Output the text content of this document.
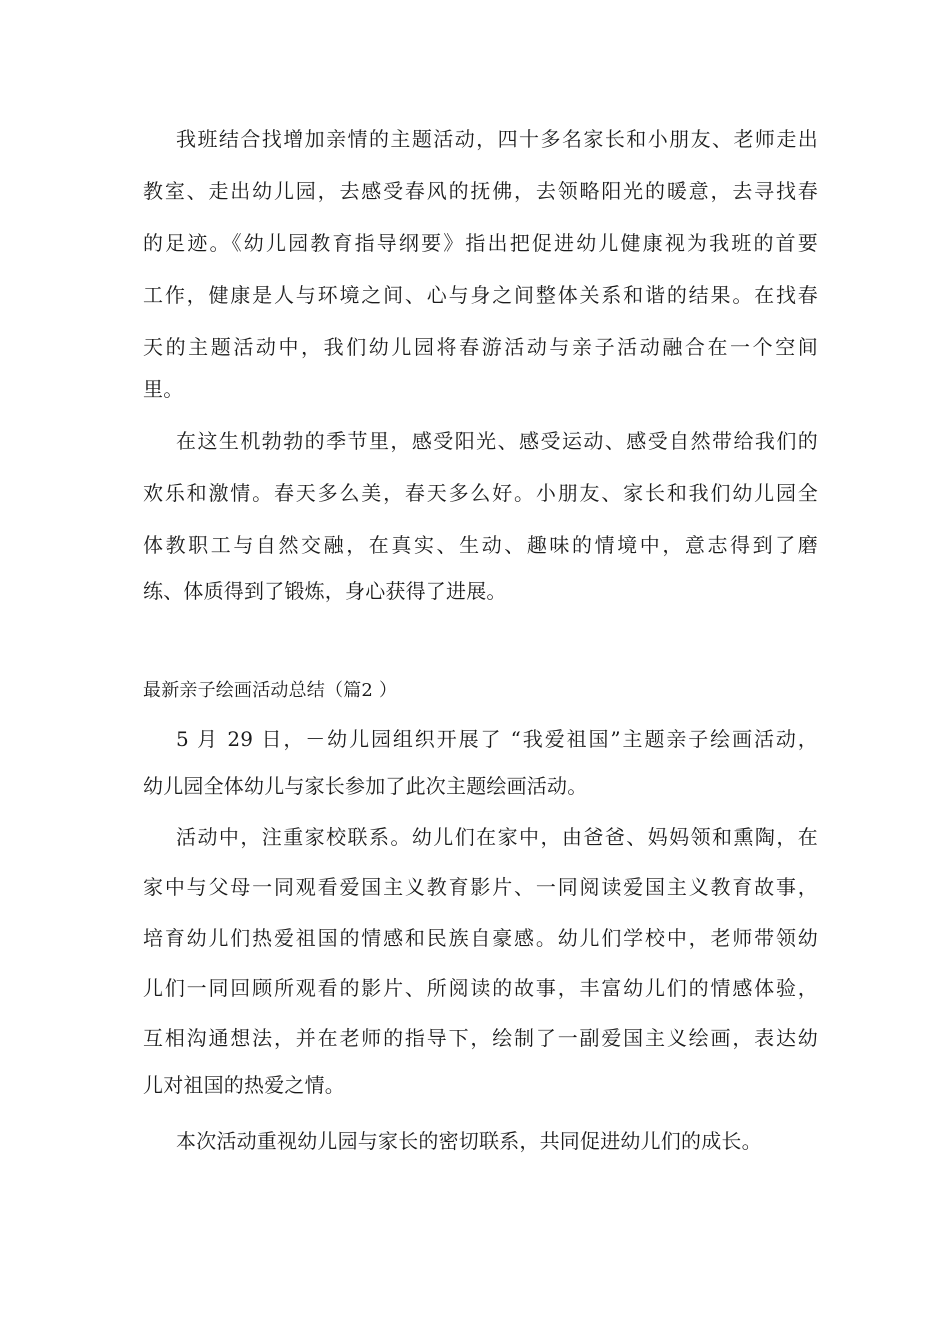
我班结合找增加亲情的主题活动，四十多名家长和小朋友、老师走出
教室、走出幼儿园，去感受春风的抚佛，去领略阳光的暖意，去寻找春
的足迹。《幼儿园教育指导纲要》指出把促进幼儿健康视为我班的首要
工作，健康是人与环境之间、心与身之间整体关系和谐的结果。在找春
天的主题活动中，我们幼儿园将春游活动与亲子活动融合在一个空间
里。
在这生机勃勃的季节里，感受阳光、感受运动、感受自然带给我们的
欢乐和激情。春天多么美，春天多么好。小朋友、家长和我们幼儿园全
体教职工与自然交融，在真实、生动、趣味的情境中，意志得到了磨
练、体质得到了锻炼，身心获得了进展。
最新亲子绘画活动总结（篇2 ）
5 月 29 日，－幼儿园组织开展了 “我爱祖国”主题亲子绘画活动，
幼儿园全体幼儿与家长参加了此次主题绘画活动。
活动中，注重家校联系。幼儿们在家中，由爸爸、妈妈领和熏陶，在
家中与父母一同观看爱国主义教育影片、一同阅读爱国主义教育故事，
培育幼儿们热爱祖国的情感和民族自豪感。幼儿们学校中，老师带领幼
儿们一同回顾所观看的影片、所阅读的故事，丰富幼儿们的情感体验，
互相沟通想法，并在老师的指导下，绘制了一副爱国主义绘画，表达幼
儿对祖国的热爱之情。
本次活动重视幼儿园与家长的密切联系，共同促进幼儿们的成长。
